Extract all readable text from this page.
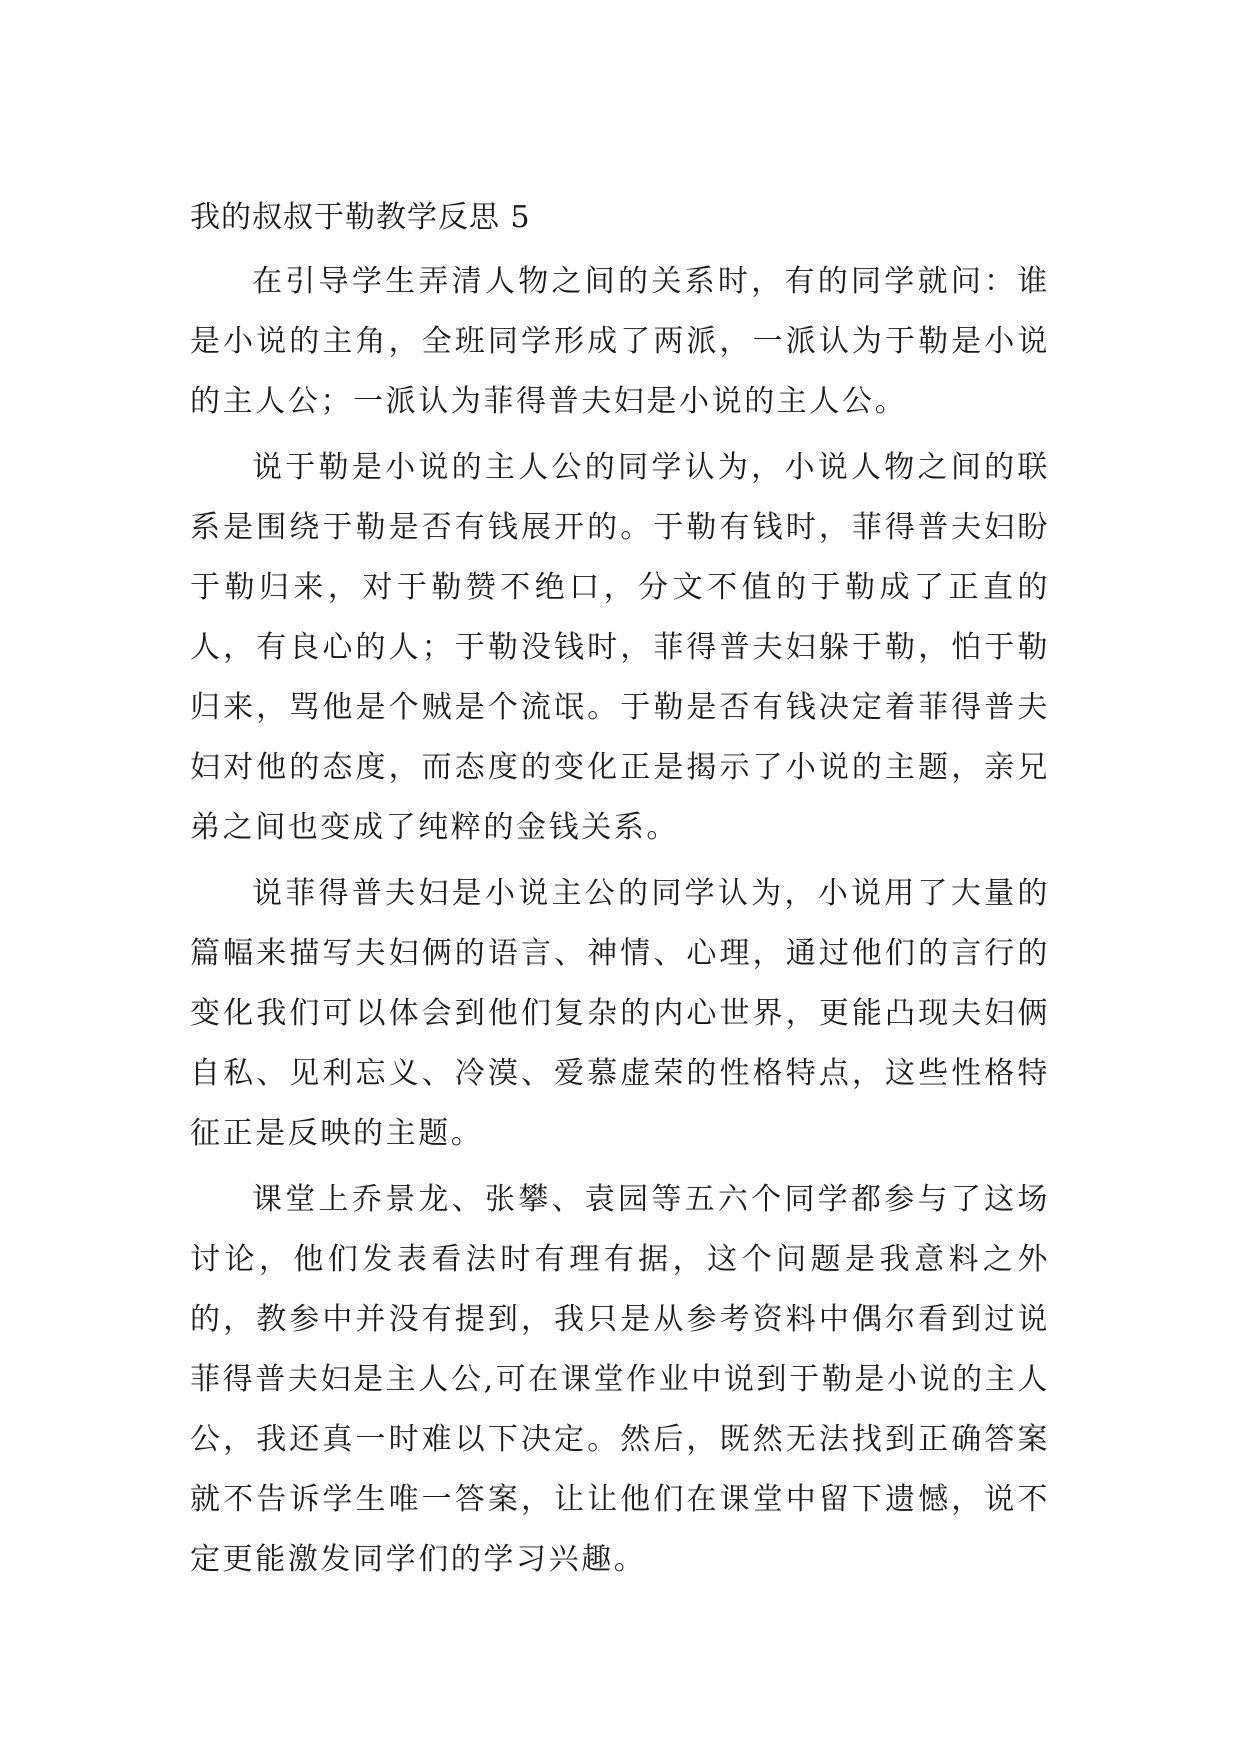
我的叔叔于勒教学反思 5

在引导学生弄清人物之间的关系时，有的同学就问：谁是小说的主角，全班同学形成了两派，一派认为于勒是小说的主人公；一派认为菲得普夫妇是小说的主人公。

说于勒是小说的主人公的同学认为，小说人物之间的联系是围绕于勒是否有钱展开的。于勒有钱时，菲得普夫妇盼于勒归来，对于勒赞不绝口，分文不值的于勒成了正直的人，有良心的人；于勒没钱时，菲得普夫妇躲于勒，怕于勒归来，骂他是个贼是个流氓。于勒是否有钱决定着菲得普夫妇对他的态度，而态度的变化正是揭示了小说的主题，亲兄弟之间也变成了纯粹的金钱关系。

说菲得普夫妇是小说主公的同学认为，小说用了大量的篇幅来描写夫妇俩的语言、神情、心理，通过他们的言行的变化我们可以体会到他们复杂的内心世界，更能凸现夫妇俩自私、见利忘义、冷漠、爱慕虚荣的性格特点，这些性格特征正是反映的主题。

课堂上乔景龙、张攀、袁园等五六个同学都参与了这场讨论，他们发表看法时有理有据，这个问题是我意料之外的，教参中并没有提到，我只是从参考资料中偶尔看到过说菲得普夫妇是主人公,可在课堂作业中说到于勒是小说的主人公，我还真一时难以下决定。然后，既然无法找到正确答案就不告诉学生唯一答案，让让他们在课堂中留下遗憾，说不定更能激发同学们的学习兴趣。
